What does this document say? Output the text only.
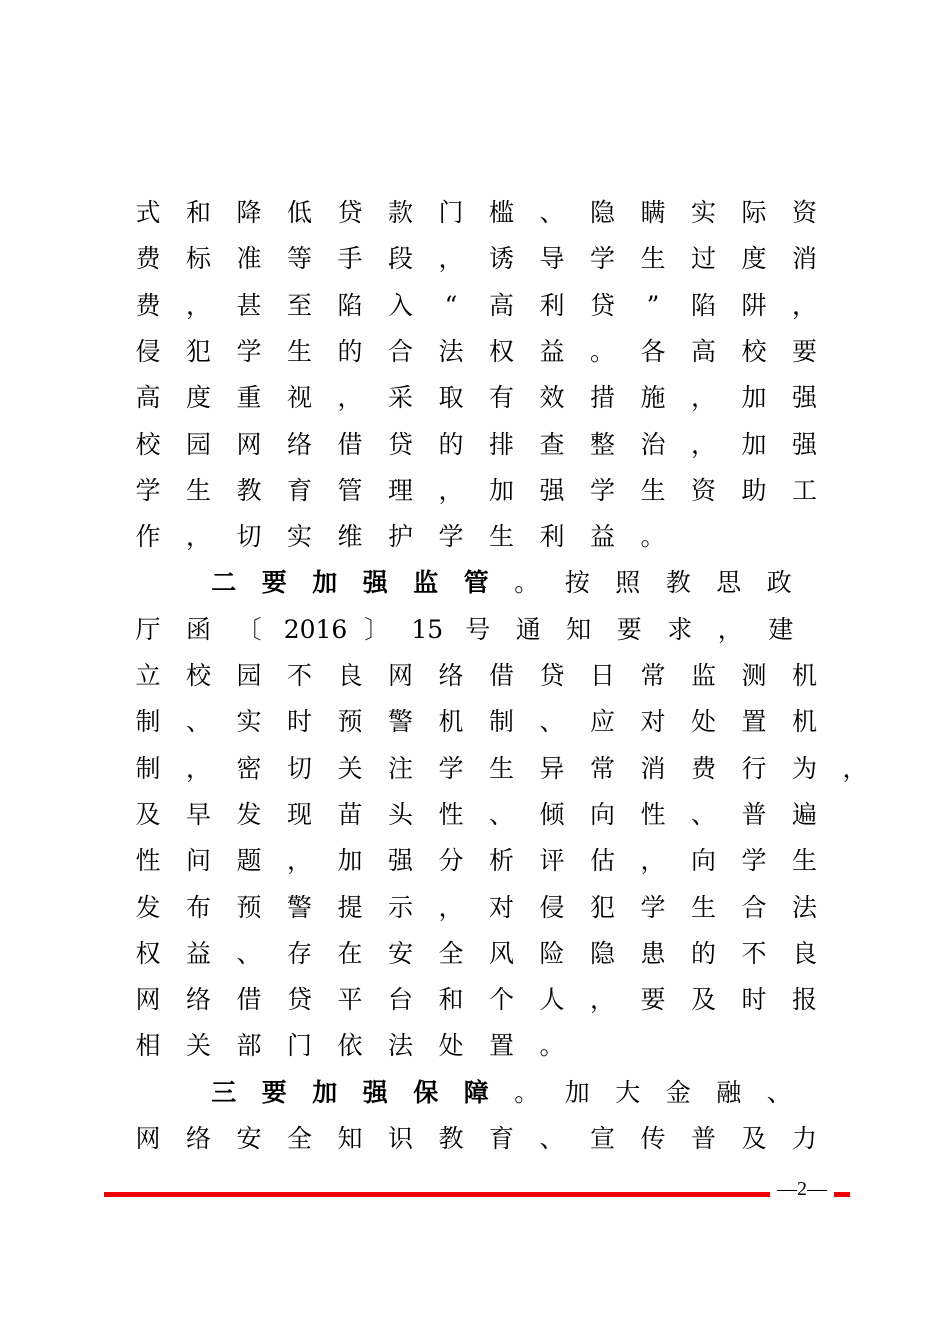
式	和	降	低	贷	款	门	槛	、	隐	瞒	实	际	资
费	标	准	等	手	段	，	诱	导	学	生	过	度	消
费	，	甚	至	陷	入	“	高	利	贷	”	陷	阱	，
侵	犯	学	生	的	合	法	权	益	。	各	高	校	要
高	度	重	视	，	采	取	有	效	措	施	，	加	强
校	园	网	络	借	贷	的	排	查	整	治	，	加	强
学	生	教	育	管	理	，	加	强	学	生	资	助	工
作	，	切	实	维	护	学	生	利	益	。
二	要	加	强	监	管	。	按	照	教	思	政
厅	函	〔 2016 〕 15 号	通	知	要	求	，	建
立	校	园	不	良	网	络	借	贷	日	常	监	测	机
制	、	实	时	预	警	机	制	、	应	对	处	置	机
制	，	密	切	关	注	学	生	异	常	消	费	行	为	，
及	早	发	现	苗	头	性	、	倾	向	性	、	普	遍
性	问	题	，	加	强	分	析	评	估	，	向	学	生
发	布	预	警	提	示	，	对	侵	犯	学	生	合	法
权	益	、	存	在	安	全	风	险	隐	患	的	不	良
网	络	借	贷	平	台	和	个	人	，	要	及	时	报
相	关	部	门	依	法	处	置	。
三	要	加	强	保	障	。	加	大	金	融	、
网	络	安	全	知	识	教	育	、	宣	传	普	及	力
—2—
